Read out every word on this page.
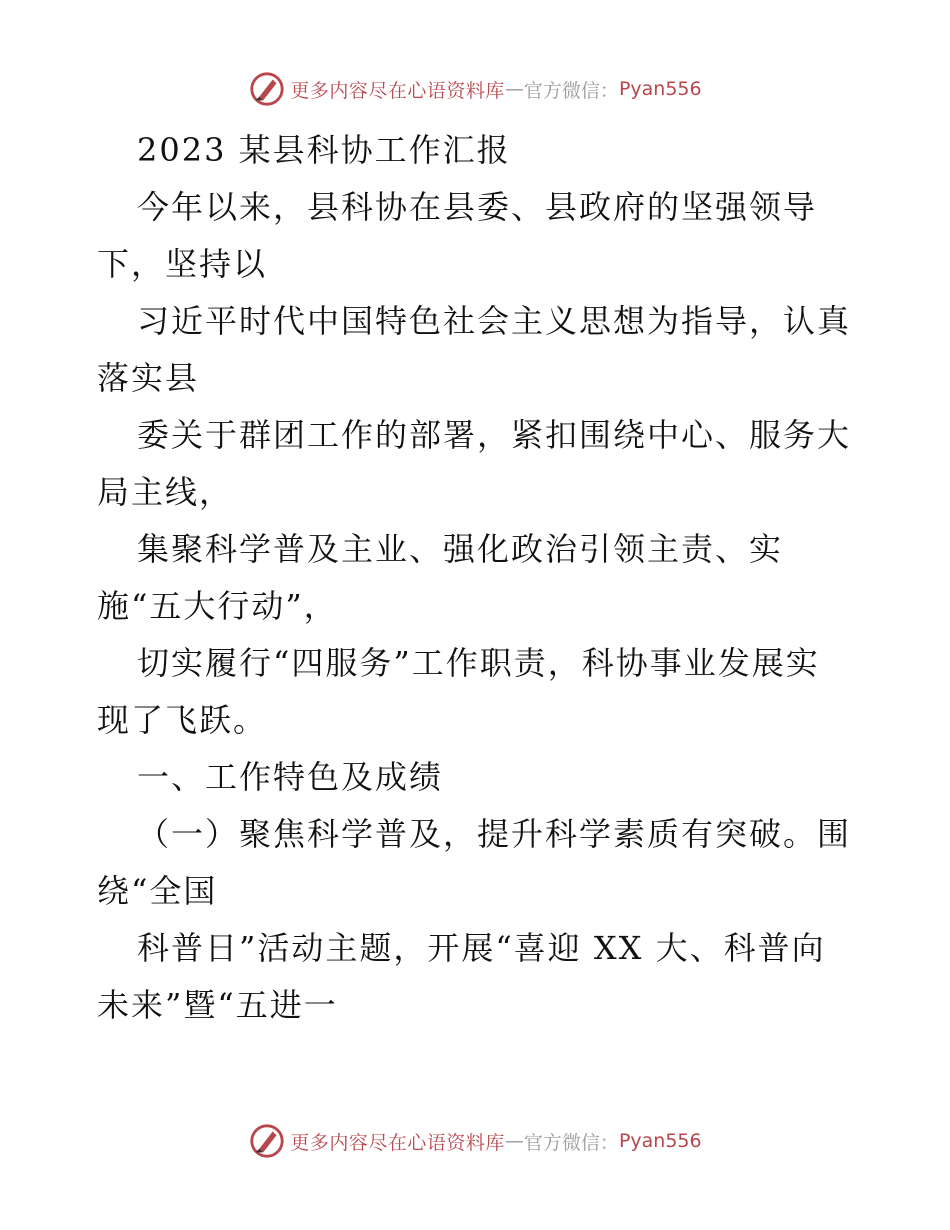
更多内容尽在心语资料库 — 官方微信： Pyan556
2023 某县科协工作汇报
今年以来，县科协在县委、县政府的坚强领导
下，坚持以
习近平时代中国特色社会主义思想为指导，认真
落实县
委关于群团工作的部署，紧扣围绕中心、服务大
局主线，
集聚科学普及主业、强化政治引领主责、实
施“五大行动”，
切实履行“四服务”工作职责，科协事业发展实
现了飞跃。
一、工作特色及成绩
（一）聚焦科学普及，提升科学素质有突破。围
绕“全国
科普日”活动主题，开展“喜迎 XX 大、科普向
未来”暨“五进一
更多内容尽在心语资料库 — 官方微信： Pyan556
